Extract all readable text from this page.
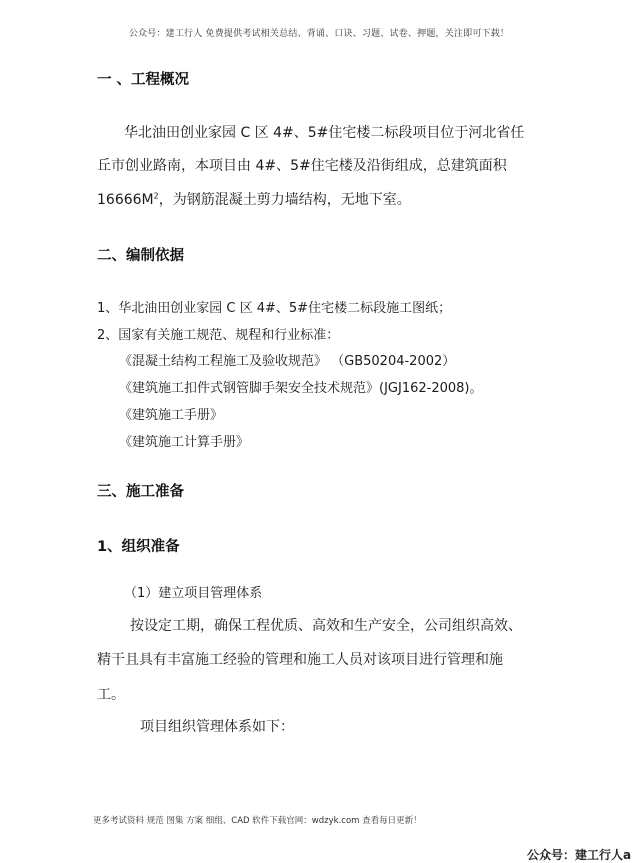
公众号：建工行人 免费提供考试相关总结、背诵、口诀、习题、试卷、押题，关注即可下载！
一 、工程概况
华北油田创业家园 C 区 4#、5#住宅楼二标段项目位于河北省任
丘市创业路南，本项目由 4#、5#住宅楼及沿街组成，总建筑面积
$16666M^2$，为钢筋混凝土剪力墙结构，无地下室。
二、编制依据
1、华北油田创业家园 C 区 4#、5#住宅楼二标段施工图纸；
2、国家有关施工规范、规程和行业标准：
《混凝土结构工程施工及验收规范》 （GB50204-2002）
《建筑施工扣件式钢管脚手架安全技术规范》(JGJ162-2008)。
《建筑施工手册》
《建筑施工计算手册》
三、施工准备
1、组织准备
（1）建立项目管理体系
按设定工期，确保工程优质、高效和生产安全，公司组织高效、
精干且具有丰富施工经验的管理和施工人员对该项目进行管理和施
工。
项目组织管理体系如下：
更多考试资料 规范 图集 方案 细组、CAD 软件下载官网：wdzyk.com 查看每日更新！
公众号：建工行人a
